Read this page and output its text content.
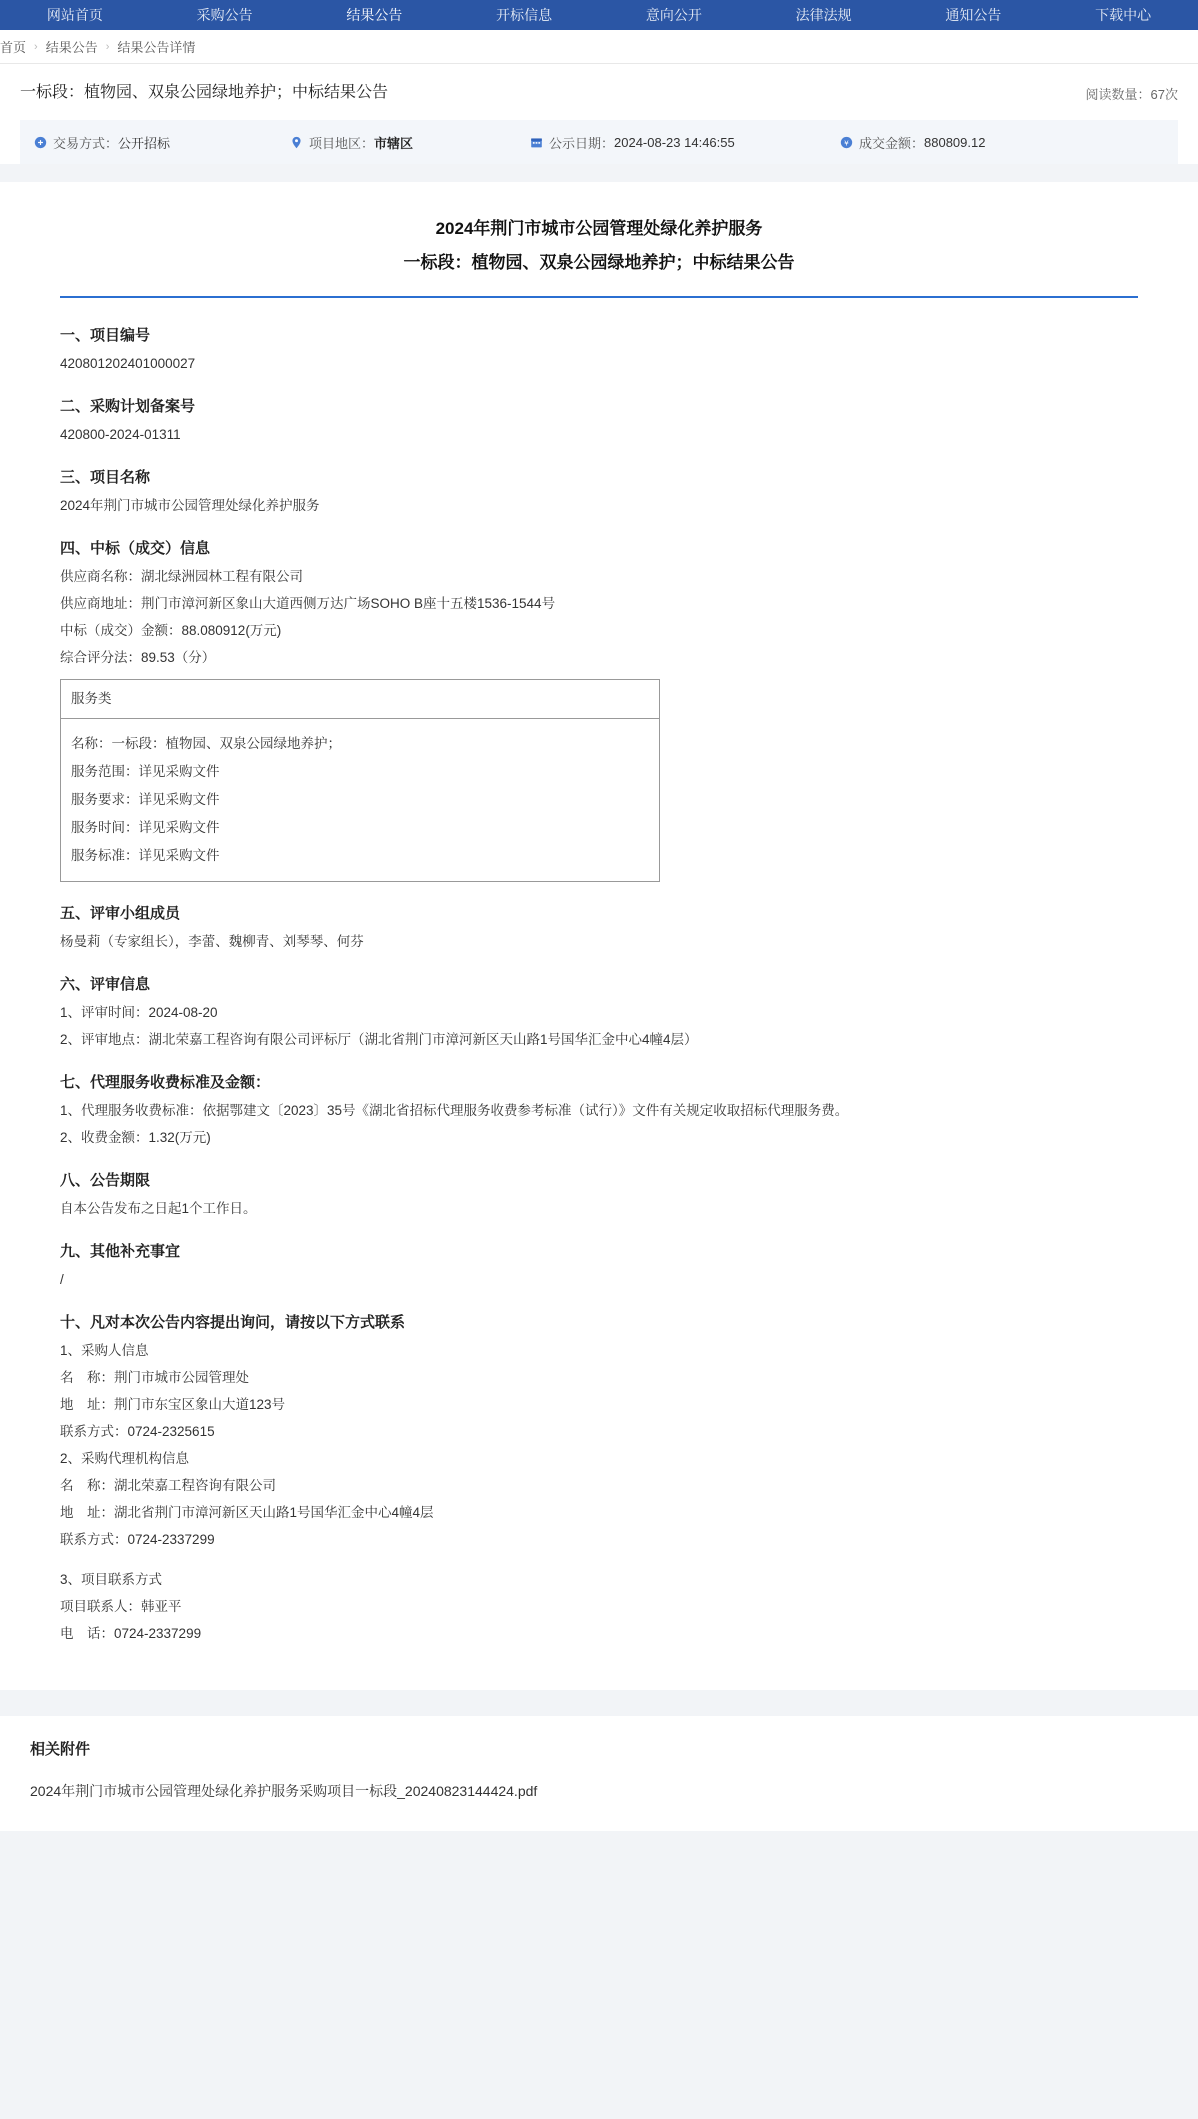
网站首页	采购公告	结果公告	开标信息	意向公开	法律法规	通知公告	下载中心
首页 › 结果公告 › 结果公告详情
一标段：植物园、双泉公园绿地养护；中标结果公告	阅读数量：67次
交易方式： 公开招标	项目地区： 市辖区	公示日期： 2024-08-23 14:46:55	¥ 成交金额： 880809.12
2024年荆门市城市公园管理处绿化养护服务
一标段：植物园、双泉公园绿地养护；中标结果公告
一、项目编号

420801202401000027

二、采购计划备案号

420800-2024-01311

三、项目名称

2024年荆门市城市公园管理处绿化养护服务

四、中标（成交）信息

供应商名称：湖北绿洲园林工程有限公司

供应商地址：荆门市漳河新区象山大道西侧万达广场SOHO B座十五楼1536-1544号

中标（成交）金额：88.080912(万元)

综合评分法：89.53（分）

服务类

名称：一标段：植物园、双泉公园绿地养护；

服务范围：详见采购文件

服务要求：详见采购文件

服务时间：详见采购文件

服务标准：详见采购文件

五、评审小组成员

杨曼莉（专家组长），李蕾、魏柳青、刘琴琴、何芬

六、评审信息

1、评审时间：2024-08-20

2、评审地点：湖北荣嘉工程咨询有限公司评标厅（湖北省荆门市漳河新区天山路1号国华汇金中心4幢4层）

七、代理服务收费标准及金额：

1、代理服务收费标准：依据鄂建文〔2023〕35号《湖北省招标代理服务收费参考标准（试行）》文件有关规定收取招标代理服务费。

2、收费金额：1.32(万元)

八、公告期限

自本公告发布之日起1个工作日。

九、其他补充事宜

/

十、凡对本次公告内容提出询问，请按以下方式联系

1、采购人信息

名　称：荆门市城市公园管理处

地　址：荆门市东宝区象山大道123号

联系方式：0724-2325615

2、采购代理机构信息

名　称：湖北荣嘉工程咨询有限公司

地　址：湖北省荆门市漳河新区天山路1号国华汇金中心4幢4层

联系方式：0724-2337299

3、项目联系方式

项目联系人：韩亚平

电　话：0724-2337299

相关附件
2024年荆门市城市公园管理处绿化养护服务采购项目一标段_20240823144424.pdf
